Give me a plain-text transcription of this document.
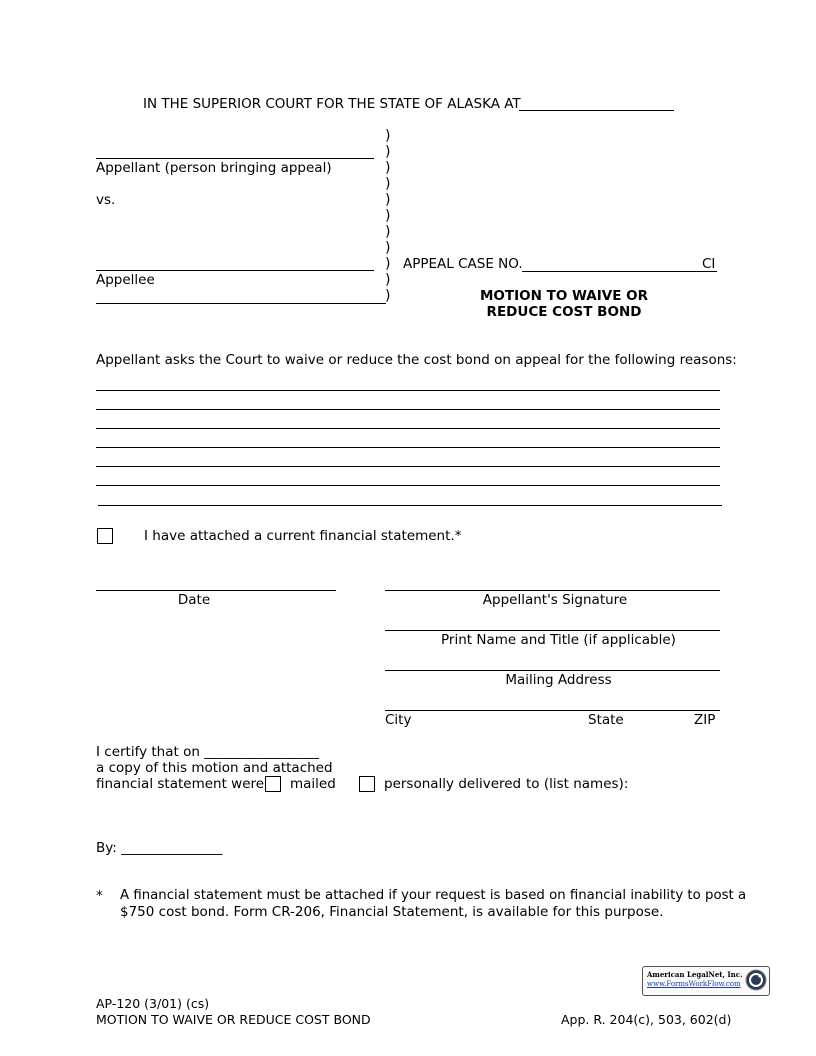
IN THE SUPERIOR COURT FOR THE STATE OF ALASKA AT
Appellant (person bringing appeal)
vs.
Appellee
)
)
)
)
)
)
)
)
)
)
)
APPEAL CASE NO.	CI
MOTION TO WAIVE OR
REDUCE COST BOND
Appellant asks the Court to waive or reduce the cost bond on appeal for the following reasons:
I have attached a current financial statement.*
Date	Appellant's Signature
Print Name and Title (if applicable)
Mailing Address
City	State	ZIP
I certify that on _________________
a copy of this motion and attached
financial statement were mailed	personally delivered to (list names):
By: _______________
* A financial statement must be attached if your request is based on financial inability to post a
$750 cost bond. Form CR-206, Financial Statement, is available for this purpose.
American LegalNet, Inc.
www.FormsWorkFlow.com
AP-120 (3/01) (cs)
MOTION TO WAIVE OR REDUCE COST BOND	App. R. 204(c), 503, 602(d)
